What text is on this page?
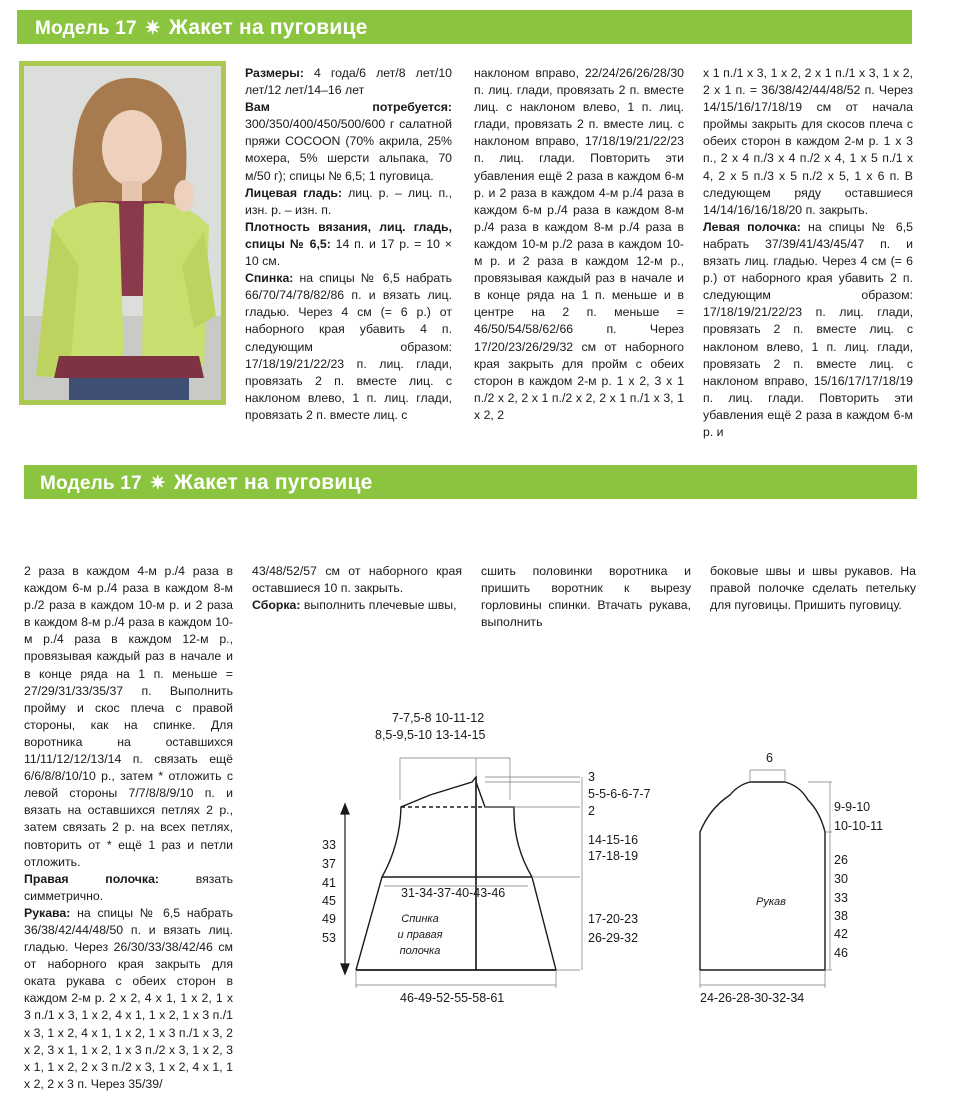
Модель 17 ✷ Жакет на пуговице

Размеры: 4 года/6 лет/8 лет/10 лет/12 лет/14–16 лет

Вам потребуется: 300/350/400/450/500/600 г салатной пряжи COCOON (70% акрила, 25% мохера, 5% шерсти альпака, 70 м/50 г); спицы № 6,5; 1 пуговица.

Лицевая гладь: лиц. р. – лиц. п., изн. р. – изн. п.

Плотность вязания, лиц. гладь, спицы № 6,5: 14 п. и 17 р. = 10 × 10 см.

Спинка: на спицы № 6,5 набрать 66/70/74/78/82/86 п. и вязать лиц. гладью. Через 4 см (= 6 р.) от наборного края убавить 4 п. следующим образом: 17/18/19/21/22/23 п. лиц. глади, провязать 2 п. вместе лиц. с наклоном влево, 1 п. лиц. глади, провязать 2 п. вместе лиц. с

наклоном вправо, 22/24/26/26/28/30 п. лиц. глади, провязать 2 п. вместе лиц. с наклоном влево, 1 п. лиц. глади, провязать 2 п. вместе лиц. с наклоном вправо, 17/18/19/21/22/23 п. лиц. глади. Повторить эти убавления ещё 2 раза в каждом 6-м р. и 2 раза в каждом 4-м р./4 раза в каждом 6-м р./4 раза в каждом 8-м р./4 раза в каждом 8-м р./4 раза в каждом 10-м р./2 раза в каждом 10-м р. и 2 раза в каждом 12-м р., провязывая каждый раз в начале и в конце ряда на 1 п. меньше и в центре на 2 п. меньше = 46/50/54/58/62/66 п. Через 17/20/23/26/29/32 см от наборного края закрыть для пройм с обеих сторон в каждом 2-м р. 1 х 2, 3 х 1 п./2 х 2, 2 х 1 п./2 х 2, 2 х 1 п./1 х 3, 1 х 2, 2

х 1 п./1 х 3, 1 х 2, 2 х 1 п./1 х 3, 1 х 2, 2 х 1 п. = 36/38/42/44/48/52 п. Через 14/15/16/17/18/19 см от начала проймы закрыть для скосов плеча с обеих сторон в каждом 2-м р. 1 х 3 п., 2 х 4 п./3 х 4 п./2 х 4, 1 х 5 п./1 х 4, 2 х 5 п./3 х 5 п./2 х 5, 1 х 6 п. В следующем ряду оставшиеся 14/14/16/16/18/20 п. закрыть.

Левая полочка: на спицы № 6,5 набрать 37/39/41/43/45/47 п. и вязать лиц. гладью. Через 4 см (= 6 р.) от наборного края убавить 2 п. следующим образом: 17/18/19/21/22/23 п. лиц. глади, провязать 2 п. вместе лиц. с наклоном влево, 1 п. лиц. глади, провязать 2 п. вместе лиц. с наклоном вправо, 15/16/17/17/18/19 п. лиц. глади. Повторить эти убавления ещё 2 раза в каждом 6-м р. и

Модель 17 ✷ Жакет на пуговице

2 раза в каждом 4-м р./4 раза в каждом 6-м р./4 раза в каждом 8-м р./2 раза в каждом 10-м р. и 2 раза в каждом 8-м р./4 раза в каждом 10-м р./4 раза в каждом 12-м р., провязывая каждый раз в начале и в конце ряда на 1 п. меньше = 27/29/31/33/35/37 п. Выполнить пройму и скос плеча с правой стороны, как на спинке. Для воротника на оставшихся 11/11/12/12/13/14 п. связать ещё 6/6/8/8/10/10 р., затем * отложить с левой стороны 7/7/8/8/9/10 п. и вязать на оставшихся петлях 2 р., затем связать 2 р. на всех петлях, повторить от * ещё 1 раз и петли отложить.

Правая полочка: вязать симметрично.

Рукава: на спицы № 6,5 набрать 36/38/42/44/48/50 п. и вязать лиц. гладью. Через 26/30/33/38/42/46 см от наборного края закрыть для оката рукава с обеих сторон в каждом 2-м р. 2 х 2, 4 х 1, 1 х 2, 1 х 3 п./1 х 3, 1 х 2, 4 х 1, 1 х 2, 1 х 3 п./1 х 3, 1 х 2, 4 х 1, 1 х 2, 1 х 3 п./1 х 3, 2 х 2, 3 х 1, 1 х 2, 1 х 3 п./2 х 3, 1 х 2, 3 х 1, 1 х 2, 2 х 3 п./2 х 3, 1 х 2, 4 х 1, 1 х 2, 2 х 3 п. Через 35/39/

43/48/52/57 см от наборного края оставшиеся 10 п. закрыть.

Сборка: выполнить плечевые швы,

сшить половинки воротника и пришить воротник к вырезу горловины спинки. Втачать рукава, выполнить

боковые швы и швы рукавов. На правой полочке сделать петельку для пуговицы. Пришить пуговицу.

7-7,5-8 10-11-12
8,5-9,5-10 13-14-15
3
5-5-6-6-7-7
2
14-15-16
17-18-19
17-20-23
26-29-32
33
37
41
45
49
53
31-34-37-40-43-46
46-49-52-55-58-61
Спинка
и правая
полочка
6
9-9-10
10-10-11
26
30
33
38
42
46
24-26-28-30-32-34
Рукав
